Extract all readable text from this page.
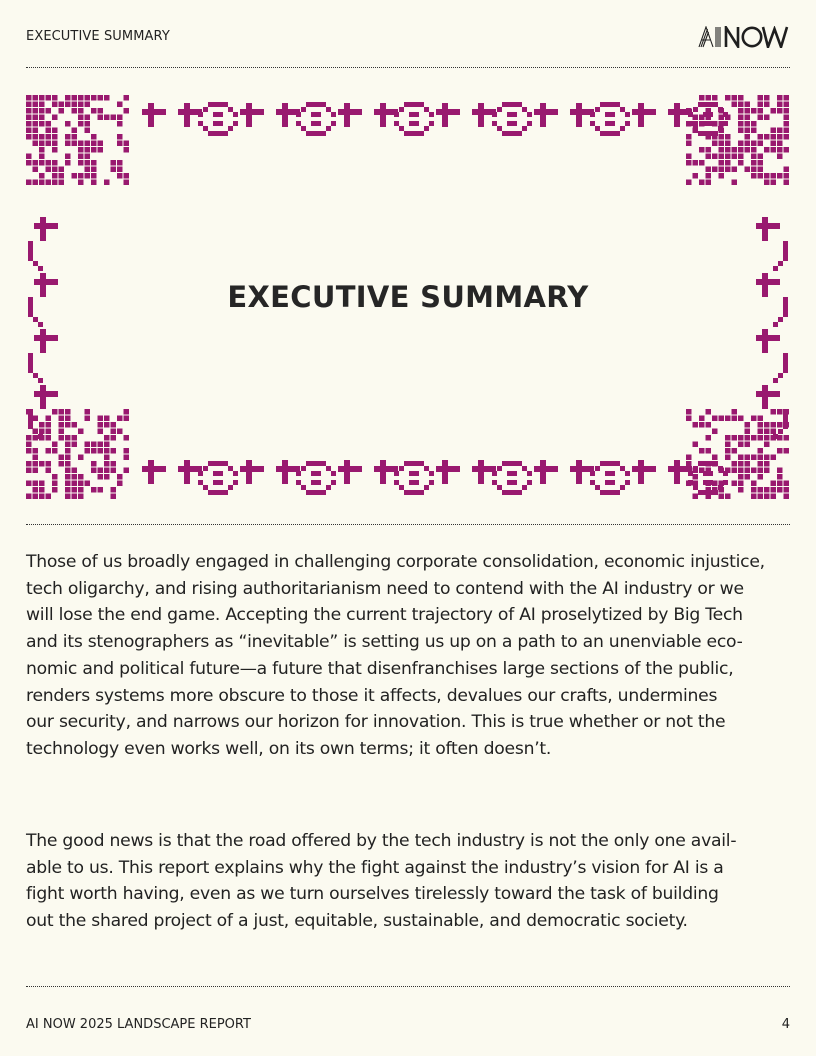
EXECUTIVE SUMMARY
EXECUTIVE SUMMARY

Those of us broadly engaged in challenging corporate consolidation, economic injustice,
tech oligarchy, and rising authoritarianism need to contend with the AI industry or we
will lose the end game. Accepting the current trajectory of AI proselytized by Big Tech
and its stenographers as “inevitable” is setting us up on a path to an unenviable eco-
nomic and political future—a future that disenfranchises large sections of the public,
renders systems more obscure to those it affects, devalues our crafts, undermines
our security, and narrows our horizon for innovation. This is true whether or not the
technology even works well, on its own terms; it often doesn’t.

The good news is that the road offered by the tech industry is not the only one avail-
able to us. This report explains why the fight against the industry’s vision for AI is a
fight worth having, even as we turn ourselves tirelessly toward the task of building
out the shared project of a just, equitable, sustainable, and democratic society.

AI NOW 2025 LANDSCAPE REPORT	4
